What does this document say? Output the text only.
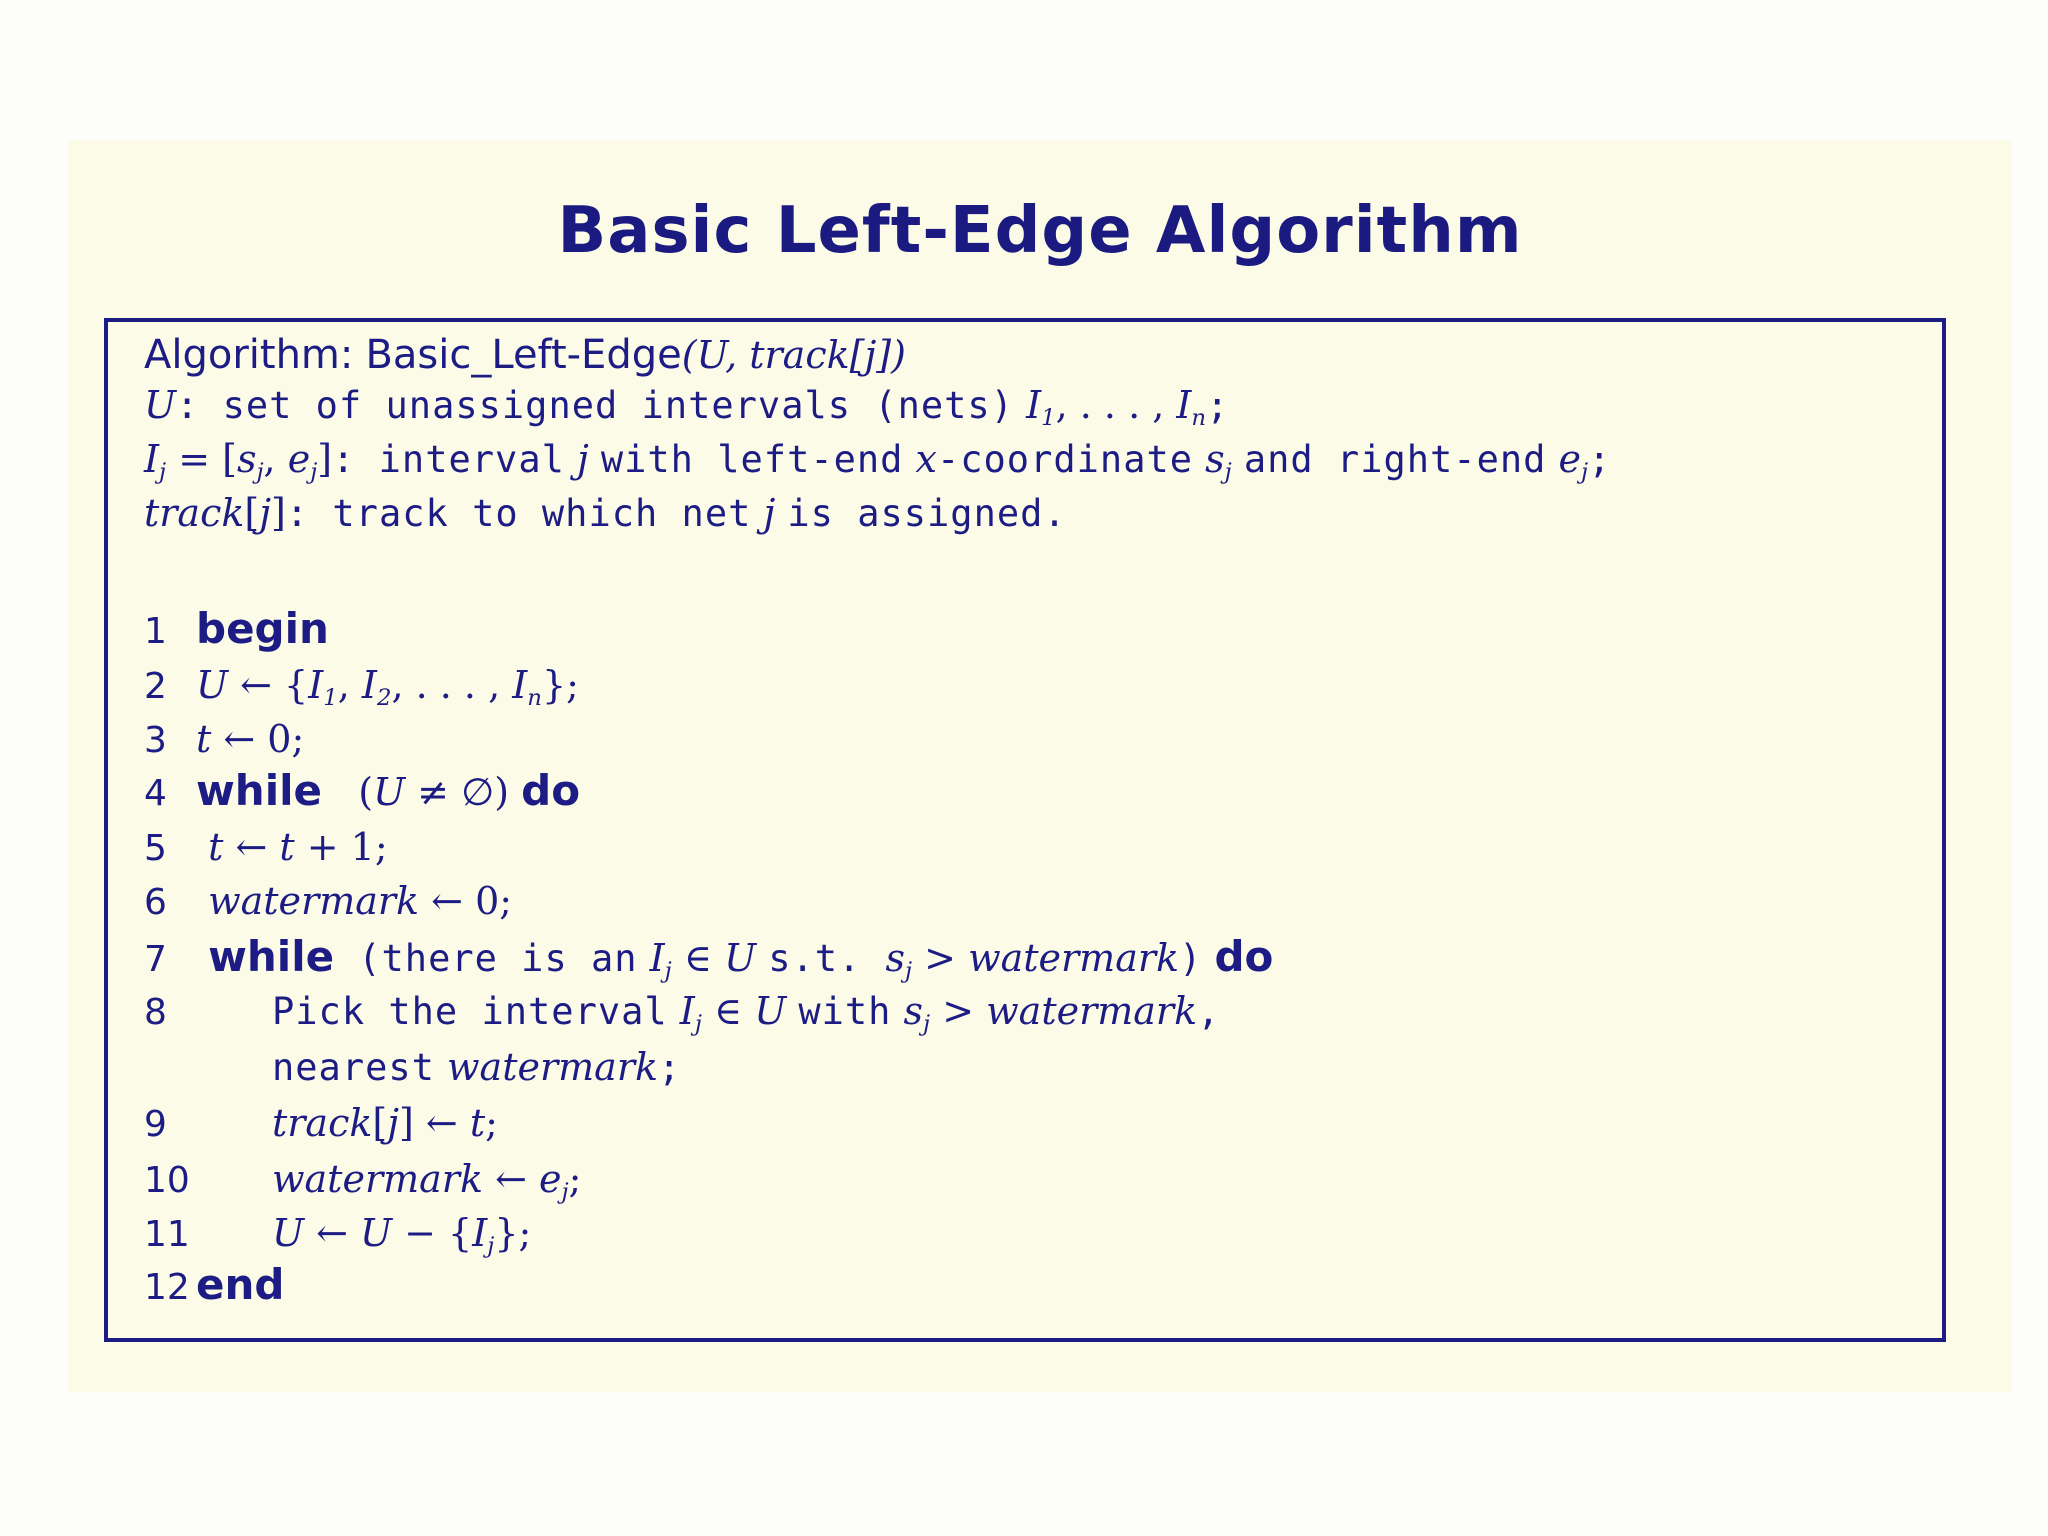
Basic Left-Edge Algorithm
Algorithm: Basic_Left-Edge(U, track[j])
U: set of unassigned intervals (nets) $I_1$, . . . , $I_n$;
$I_j = [s_j$, $e_j$]: interval j with left-end x-coordinate $s_j$ and right-end $e_j$;
track[j]: track to which net j is assigned.
1 begin
2 U ← {$I_1$, $I_2$, . . . , $I_n$};
3 t ← 0;
4 while (U ≠ ∅) do
5 t ← t + 1;
6 watermark ← 0;
7 while (there is an $I_j$ ∈ U s.t. $s_j$ > watermark) do
8	Pick the interval $I_j$ ∈ U with $s_j$ > watermark,
nearest watermark;
9	track[j] ← t;
10 watermark ← $e_j$;
11 U ← $U - \{I_j\}$;
12 end
